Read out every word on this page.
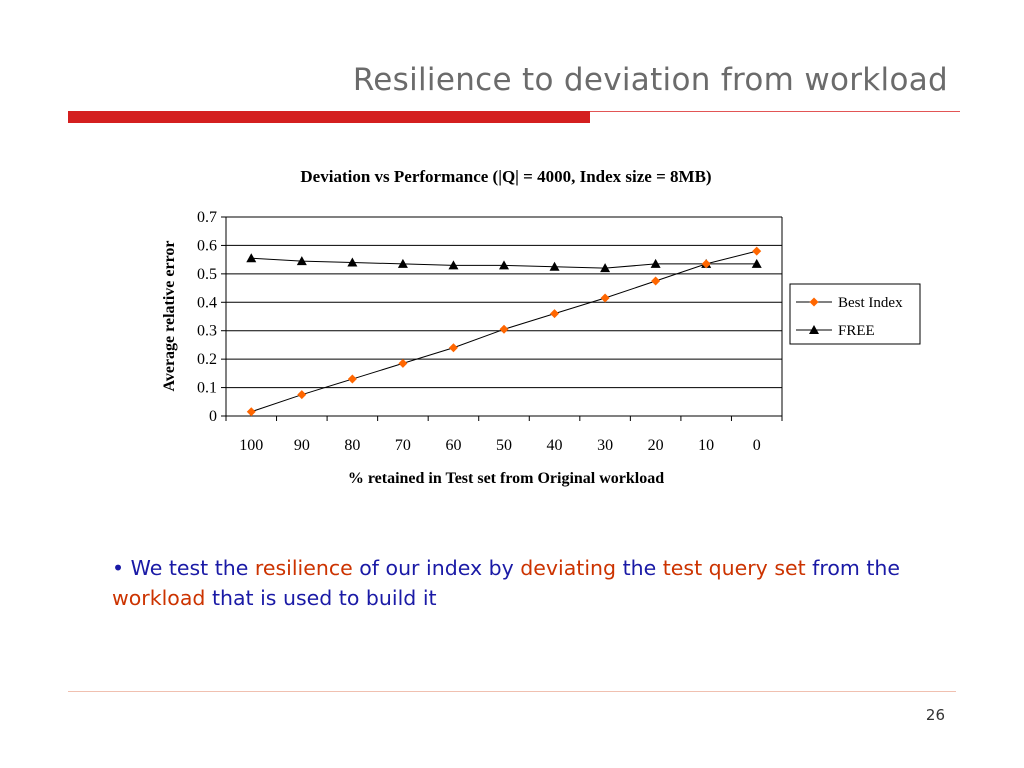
Resilience to deviation from workload
Deviation vs Performance (|Q| = 4000, Index size = 8MB)
Average relative error
% retained in Test set from Original workload
0
0.1
0.2
0.3
0.4
0.5
0.6
0.7
100 90 80 70 60 50 40 30 20 10 0
Best Index
FREE
• We test the resilience of our index by deviating the test query set from the workload that is used to build it
26
